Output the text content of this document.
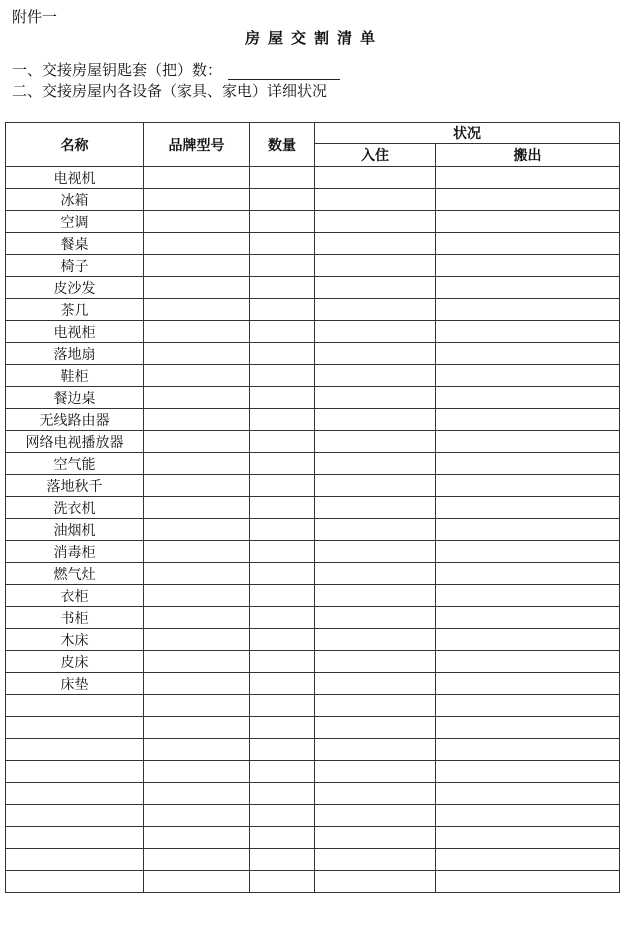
附件一
房屋交割清单
一、交接房屋钥匙套（把）数：
二、交接房屋内各设备（家具、家电）详细状况
名称	品牌型号	数量	状况	
			入住	搬出
电视机				
冰箱				
空调				
餐桌				
椅子				
皮沙发				
茶几				
电视柜				
落地扇				
鞋柜				
餐边桌				
无线路由器				
网络电视播放器				
空气能				
落地秋千				
洗衣机				
油烟机				
消毒柜				
燃气灶				
衣柜				
书柜				
木床				
皮床				
床垫				
